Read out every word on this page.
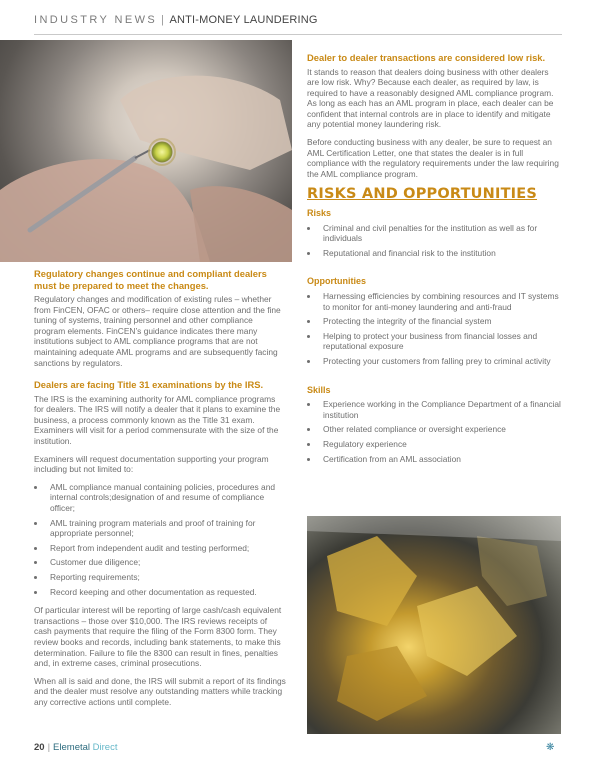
INDUSTRY NEWS | ANTI-MONEY LAUNDERING
Regulatory changes continue and compliant dealers must be prepared to meet the changes.

Regulatory changes and modification of existing rules – whether from FinCEN, OFAC or others– require close attention and the fine tuning of systems, training personnel and other compliance program elements. FinCEN’s guidance indicates there many institutions subject to AML compliance programs that are not maintaining adequate AML programs and are subsequently facing sanctions by regulators.

Dealers are facing Title 31 examinations by the IRS.

The IRS is the examining authority for AML compliance programs for dealers. The IRS will notify a dealer that it plans to examine the business, a process commonly known as the Title 31 exam. Examiners will visit for a period commensurate with the size of the institution.

Examiners will request documentation supporting your program including but not limited to:

• AML compliance manual containing policies, procedures and internal controls;designation of and resume of compliance officer;
• AML training program materials and proof of training for appropriate personnel;
• Report from independent audit and testing performed;
• Customer due diligence;
• Reporting requirements;
• Record keeping and other documentation as requested.

Of particular interest will be reporting of large cash/cash equivalent transactions – those over $10,000. The IRS reviews receipts of cash payments that require the filing of the Form 8300 form. They review books and records, including bank statements, to make this determination. Failure to file the 8300 can result in fines, penalties and, in extreme cases, criminal prosecutions.

When all is said and done, the IRS will submit a report of its findings and the dealer must resolve any outstanding matters while tracking any corrective actions until complete.

Dealer to dealer transactions are considered low risk.

It stands to reason that dealers doing business with other dealers are low risk. Why? Because each dealer, as required by law, is required to have a reasonably designed AML compliance program. As long as each has an AML program in place, each dealer can be confident that internal controls are in place to identify and mitigate any potential money laundering risk.

Before conducting business with any dealer, be sure to request an AML Certification Letter, one that states the dealer is in full compliance with the regulatory requirements under the law requiring the AML compliance program.

RISKS AND OPPORTUNITIES
Risks
• Criminal and civil penalties for the institution as well as for individuals
• Reputational and financial risk to the institution
Opportunities
• Harnessing efficiencies by combining resources and IT systems to monitor for anti-money laundering and anti-fraud
• Protecting the integrity of the financial system
• Helping to protect your business from financial losses and reputational exposure
• Protecting your customers from falling prey to criminal activity
Skills
• Experience working in the Compliance Department of a financial institution
• Other related compliance or oversight experience
• Regulatory experience
• Certification from an AML association
20 | Elemetal Direct	❋
